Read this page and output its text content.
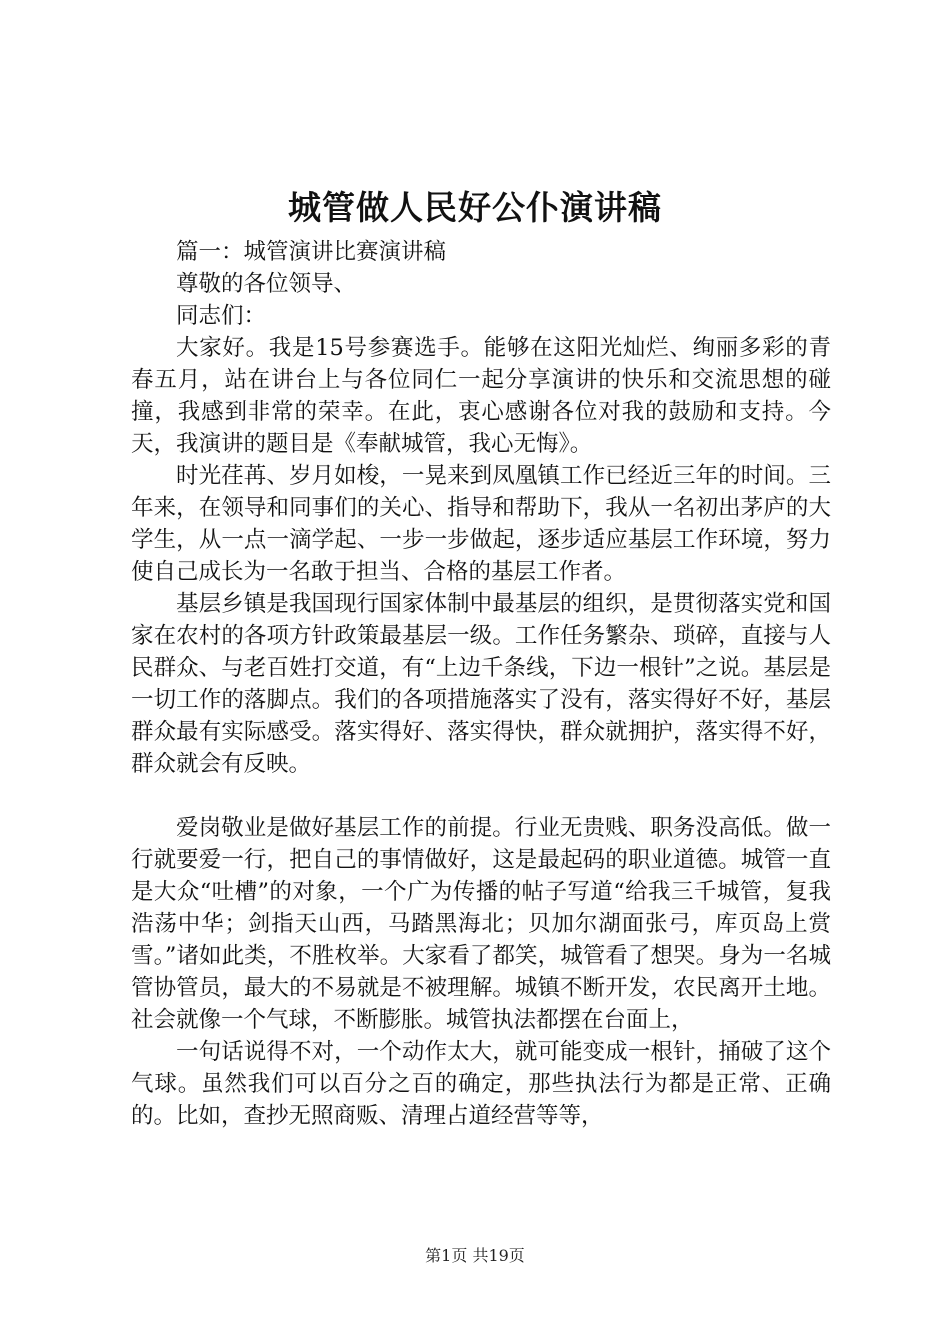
城管做人民好公仆演讲稿

篇一：城管演讲比赛演讲稿

尊敬的各位领导、

同志们：

大家好。我是15号参赛选手。能够在这阳光灿烂、绚丽多彩的青春五月，站在讲台上与各位同仁一起分享演讲的快乐和交流思想的碰撞，我感到非常的荣幸。在此，衷心感谢各位对我的鼓励和支持。今天，我演讲的题目是《奉献城管，我心无悔》。

时光荏苒、岁月如梭，一晃来到凤凰镇工作已经近三年的时间。三年来，在领导和同事们的关心、指导和帮助下，我从一名初出茅庐的大学生，从一点一滴学起、一步一步做起，逐步适应基层工作环境，努力使自己成长为一名敢于担当、合格的基层工作者。

基层乡镇是我国现行国家体制中最基层的组织，是贯彻落实党和国家在农村的各项方针政策最基层一级。工作任务繁杂、琐碎，直接与人民群众、与老百姓打交道，有“上边千条线，下边一根针”之说。基层是一切工作的落脚点。我们的各项措施落实了没有，落实得好不好，基层群众最有实际感受。落实得好、落实得快，群众就拥护，落实得不好，群众就会有反映。

爱岗敬业是做好基层工作的前提。行业无贵贱、职务没高低。做一行就要爱一行，把自己的事情做好，这是最起码的职业道德。城管一直是大众“吐槽”的对象，一个广为传播的帖子写道“给我三千城管，复我浩荡中华；剑指天山西，马踏黑海北；贝加尔湖面张弓，库页岛上赏雪。”诸如此类，不胜枚举。大家看了都笑，城管看了想哭。身为一名城管协管员，最大的不易就是不被理解。城镇不断开发，农民离开土地。社会就像一个气球，不断膨胀。城管执法都摆在台面上，

一句话说得不对，一个动作太大，就可能变成一根针，捅破了这个气球。虽然我们可以百分之百的确定，那些执法行为都是正常、正确的。比如，查抄无照商贩、清理占道经营等等，

第1页 共19页
